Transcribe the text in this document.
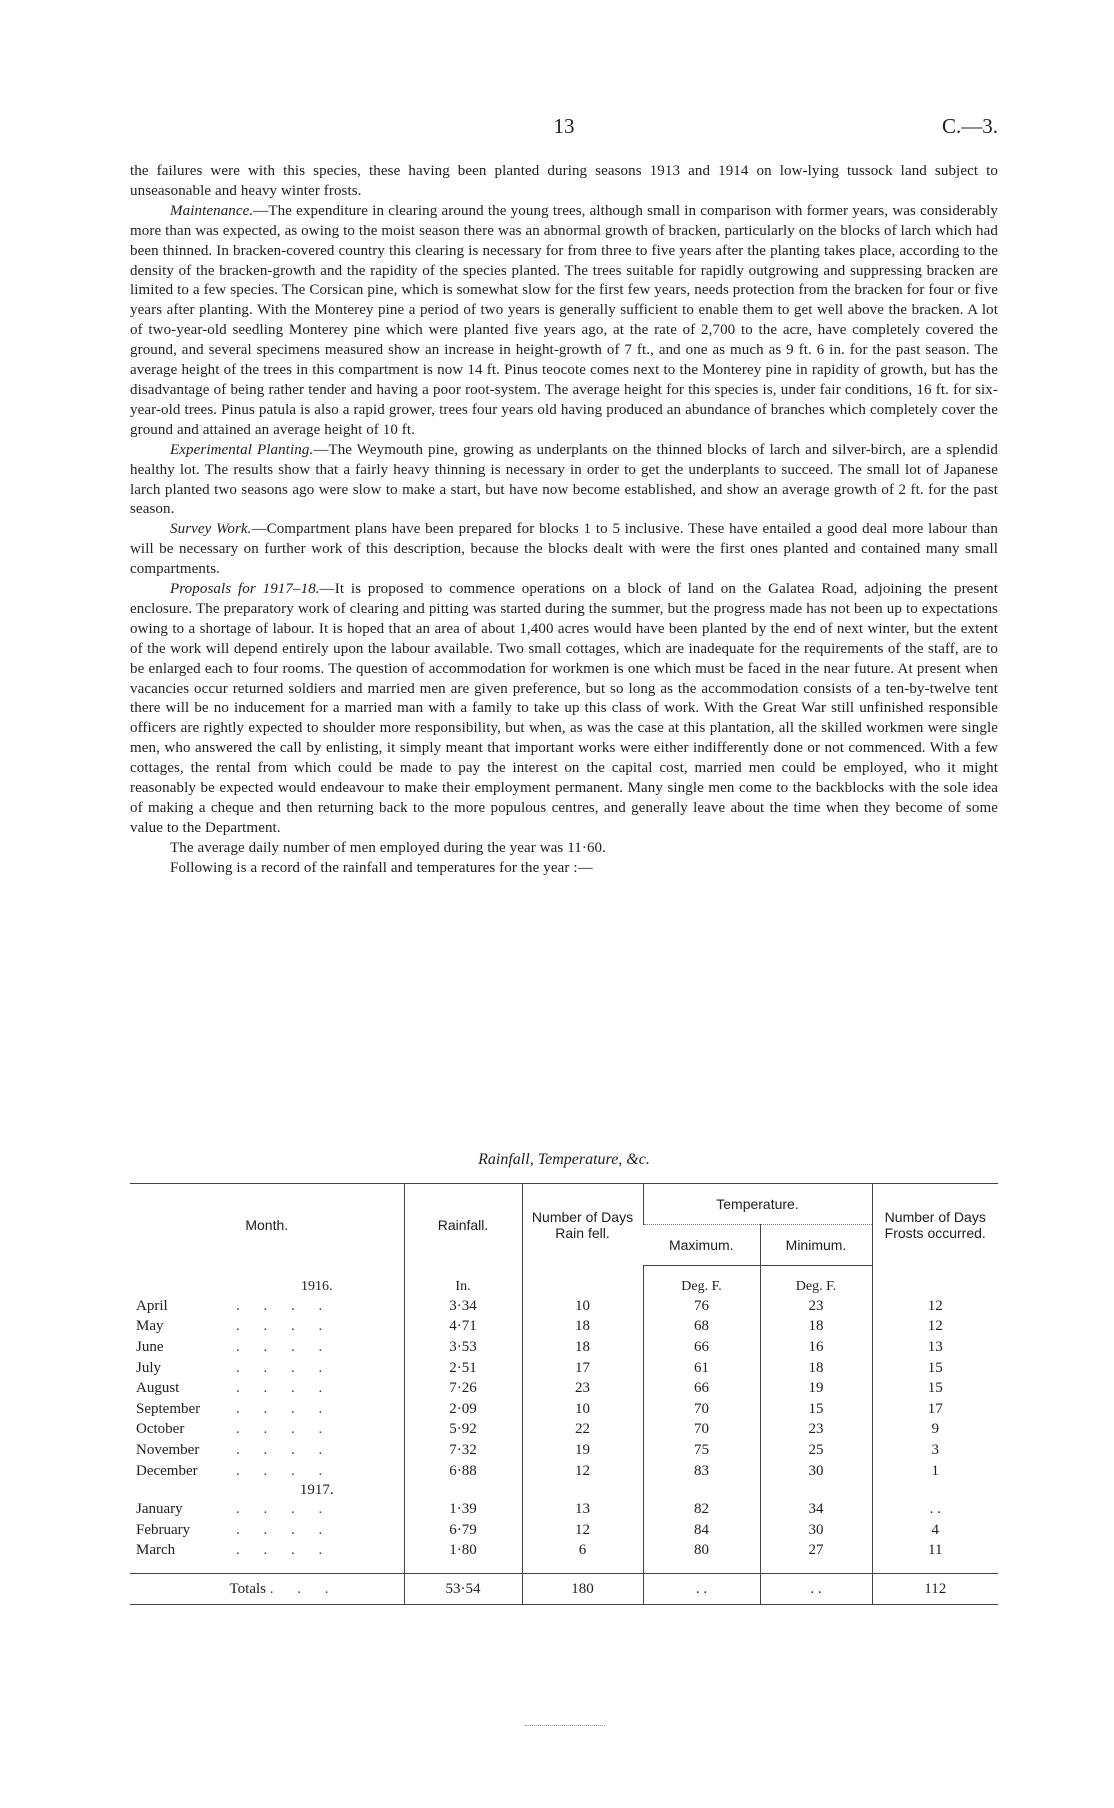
13	C.—3.

the failures were with this species, these having been planted during seasons 1913 and 1914 on low-lying tussock land subject to unseasonable and heavy winter frosts.

Maintenance.—The expenditure in clearing around the young trees, although small in comparison with former years, was considerably more than was expected, as owing to the moist season there was an abnormal growth of bracken, particularly on the blocks of larch which had been thinned. In bracken-covered country this clearing is necessary for from three to five years after the planting takes place, according to the density of the bracken-growth and the rapidity of the species planted. The trees suitable for rapidly outgrowing and suppressing bracken are limited to a few species. The Corsican pine, which is somewhat slow for the first few years, needs protection from the bracken for four or five years after planting. With the Monterey pine a period of two years is generally sufficient to enable them to get well above the bracken. A lot of two-year-old seedling Monterey pine which were planted five years ago, at the rate of 2,700 to the acre, have completely covered the ground, and several specimens measured show an increase in height-growth of 7 ft., and one as much as 9 ft. 6 in. for the past season. The average height of the trees in this compartment is now 14 ft. Pinus teocote comes next to the Monterey pine in rapidity of growth, but has the disadvantage of being rather tender and having a poor root-system. The average height for this species is, under fair conditions, 16 ft. for six-year-old trees. Pinus patula is also a rapid grower, trees four years old having produced an abundance of branches which completely cover the ground and attained an average height of 10 ft.

Experimental Planting.—The Weymouth pine, growing as underplants on the thinned blocks of larch and silver-birch, are a splendid healthy lot. The results show that a fairly heavy thinning is necessary in order to get the underplants to succeed. The small lot of Japanese larch planted two seasons ago were slow to make a start, but have now become established, and show an average growth of 2 ft. for the past season.

Survey Work.—Compartment plans have been prepared for blocks 1 to 5 inclusive. These have entailed a good deal more labour than will be necessary on further work of this description, because the blocks dealt with were the first ones planted and contained many small compartments.

Proposals for 1917–18.—It is proposed to commence operations on a block of land on the Galatea Road, adjoining the present enclosure. The preparatory work of clearing and pitting was started during the summer, but the progress made has not been up to expectations owing to a shortage of labour. It is hoped that an area of about 1,400 acres would have been planted by the end of next winter, but the extent of the work will depend entirely upon the labour available. Two small cottages, which are inadequate for the requirements of the staff, are to be enlarged each to four rooms. The question of accommodation for workmen is one which must be faced in the near future. At present when vacancies occur returned soldiers and married men are given preference, but so long as the accommodation consists of a ten-by-twelve tent there will be no inducement for a married man with a family to take up this class of work. With the Great War still unfinished responsible officers are rightly expected to shoulder more responsibility, but when, as was the case at this plantation, all the skilled workmen were single men, who answered the call by enlisting, it simply meant that important works were either indifferently done or not commenced. With a few cottages, the rental from which could be made to pay the interest on the capital cost, married men could be employed, who it might reasonably be expected would endeavour to make their employment permanent. Many single men come to the backblocks with the sole idea of making a cheque and then returning back to the more populous centres, and generally leave about the time when they become of some value to the Department.

The average daily number of men employed during the year was 11·60.

Following is a record of the rainfall and temperatures for the year :—

Rainfall, Temperature, &c.
Month.	Rainfall.	Number of Days Rain fell.	Temperature.		Number of Days Frosts occurred.
			Maximum.	Minimum.	

1916.	In.		Deg. F.	Deg. F.	
April . . . .	3·34	10	76	23	12
May . . . .	4·71	18	68	18	12
June . . . .	3·53	18	66	16	13
July . . . .	2·51	17	61	18	15
August . . . .	7·26	23	66	19	15
September . . . .	2·09	10	70	15	17
October . . . .	5·92	22	70	23	9
November . . . .	7·32	19	75	25	3
December . . . .	6·88	12	83	30	1
1917.					
January . . . .	1·39	13	82	34	. .
February . . . .	6·79	12	84	30	4
March . . . .	1·80	6	80	27	11

Totals . . .	53·54	180	. .	. .	112
